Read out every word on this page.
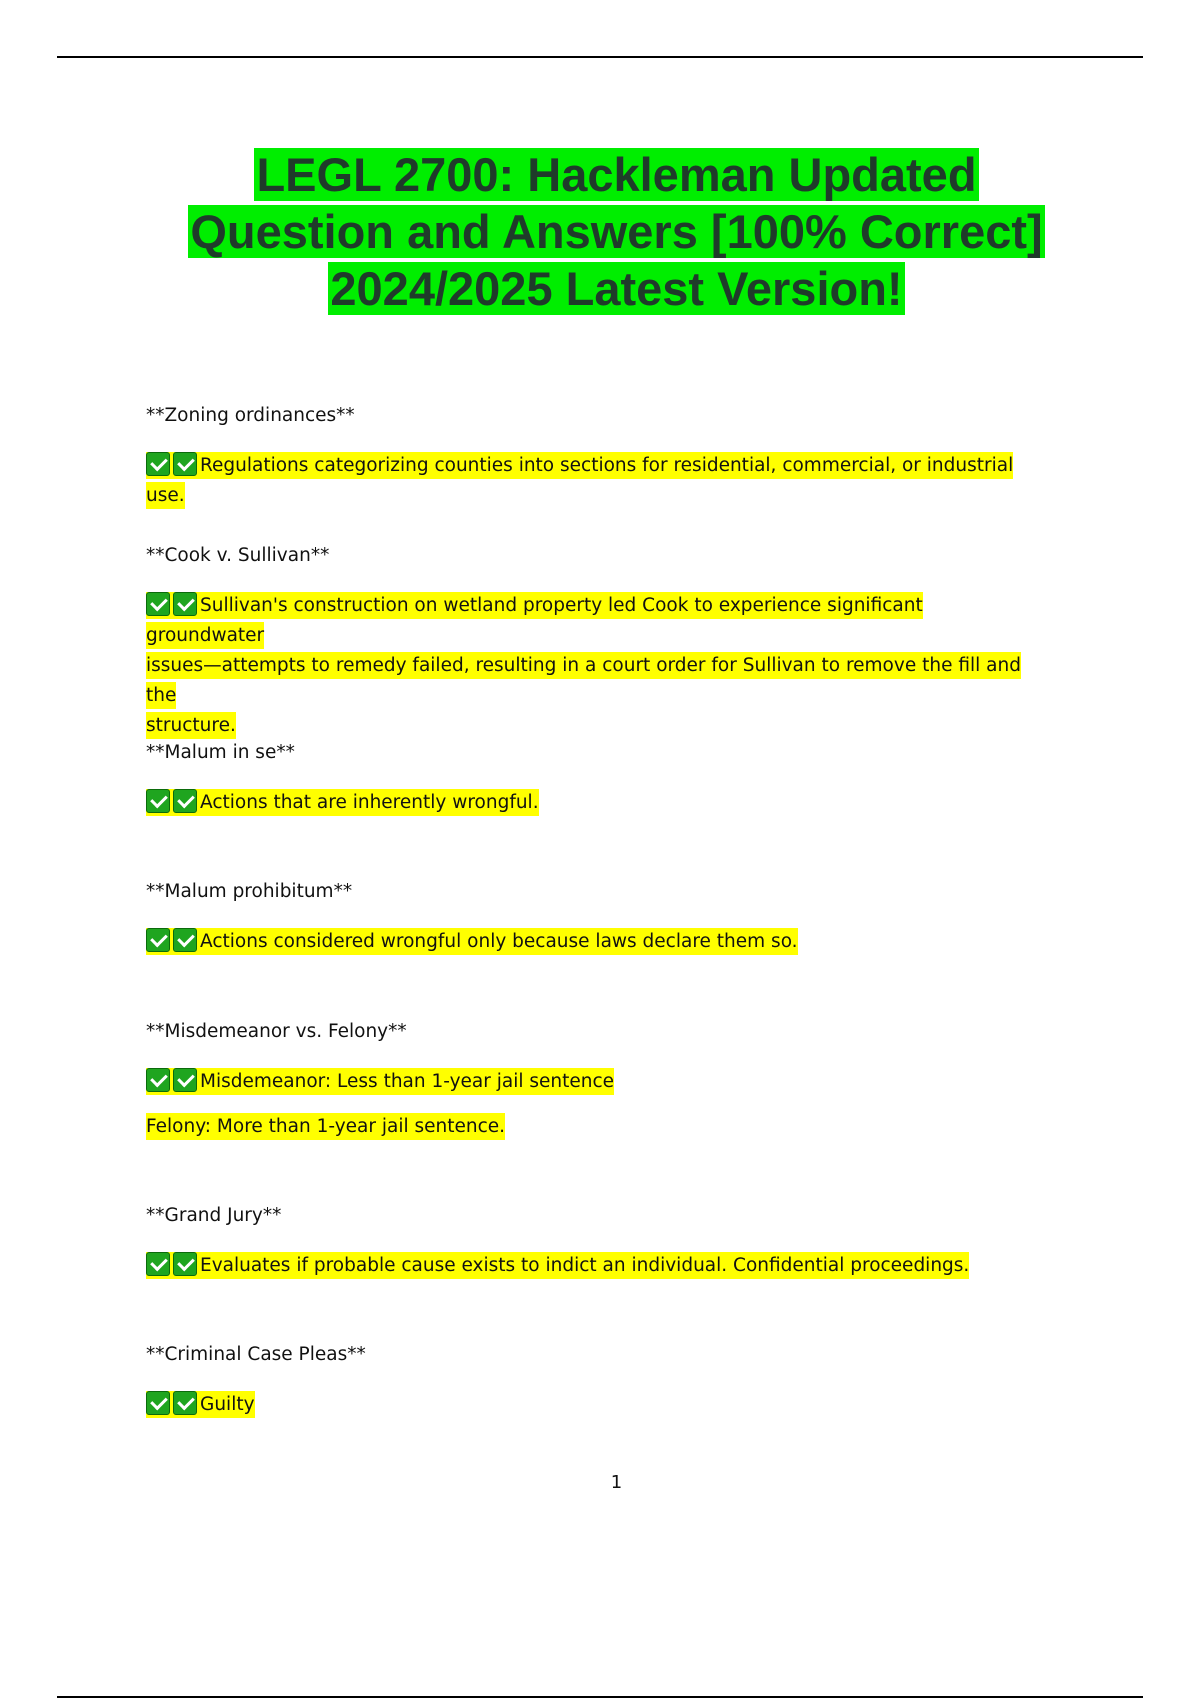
LEGL 2700: Hackleman Updated
Question and Answers [100% Correct]
2024/2025 Latest Version!
**Zoning ordinances**
Regulations categorizing counties into sections for residential, commercial, or industrial use.
**Cook v. Sullivan**
Sullivan's construction on wetland property led Cook to experience significant groundwater
issues—attempts to remedy failed, resulting in a court order for Sullivan to remove the fill and the
structure.
**Malum in se**
Actions that are inherently wrongful.
**Malum prohibitum**
Actions considered wrongful only because laws declare them so.
**Misdemeanor vs. Felony**
Misdemeanor: Less than 1-year jail sentence
Felony: More than 1-year jail sentence.
**Grand Jury**
Evaluates if probable cause exists to indict an individual. Confidential proceedings.
**Criminal Case Pleas**
Guilty
1
